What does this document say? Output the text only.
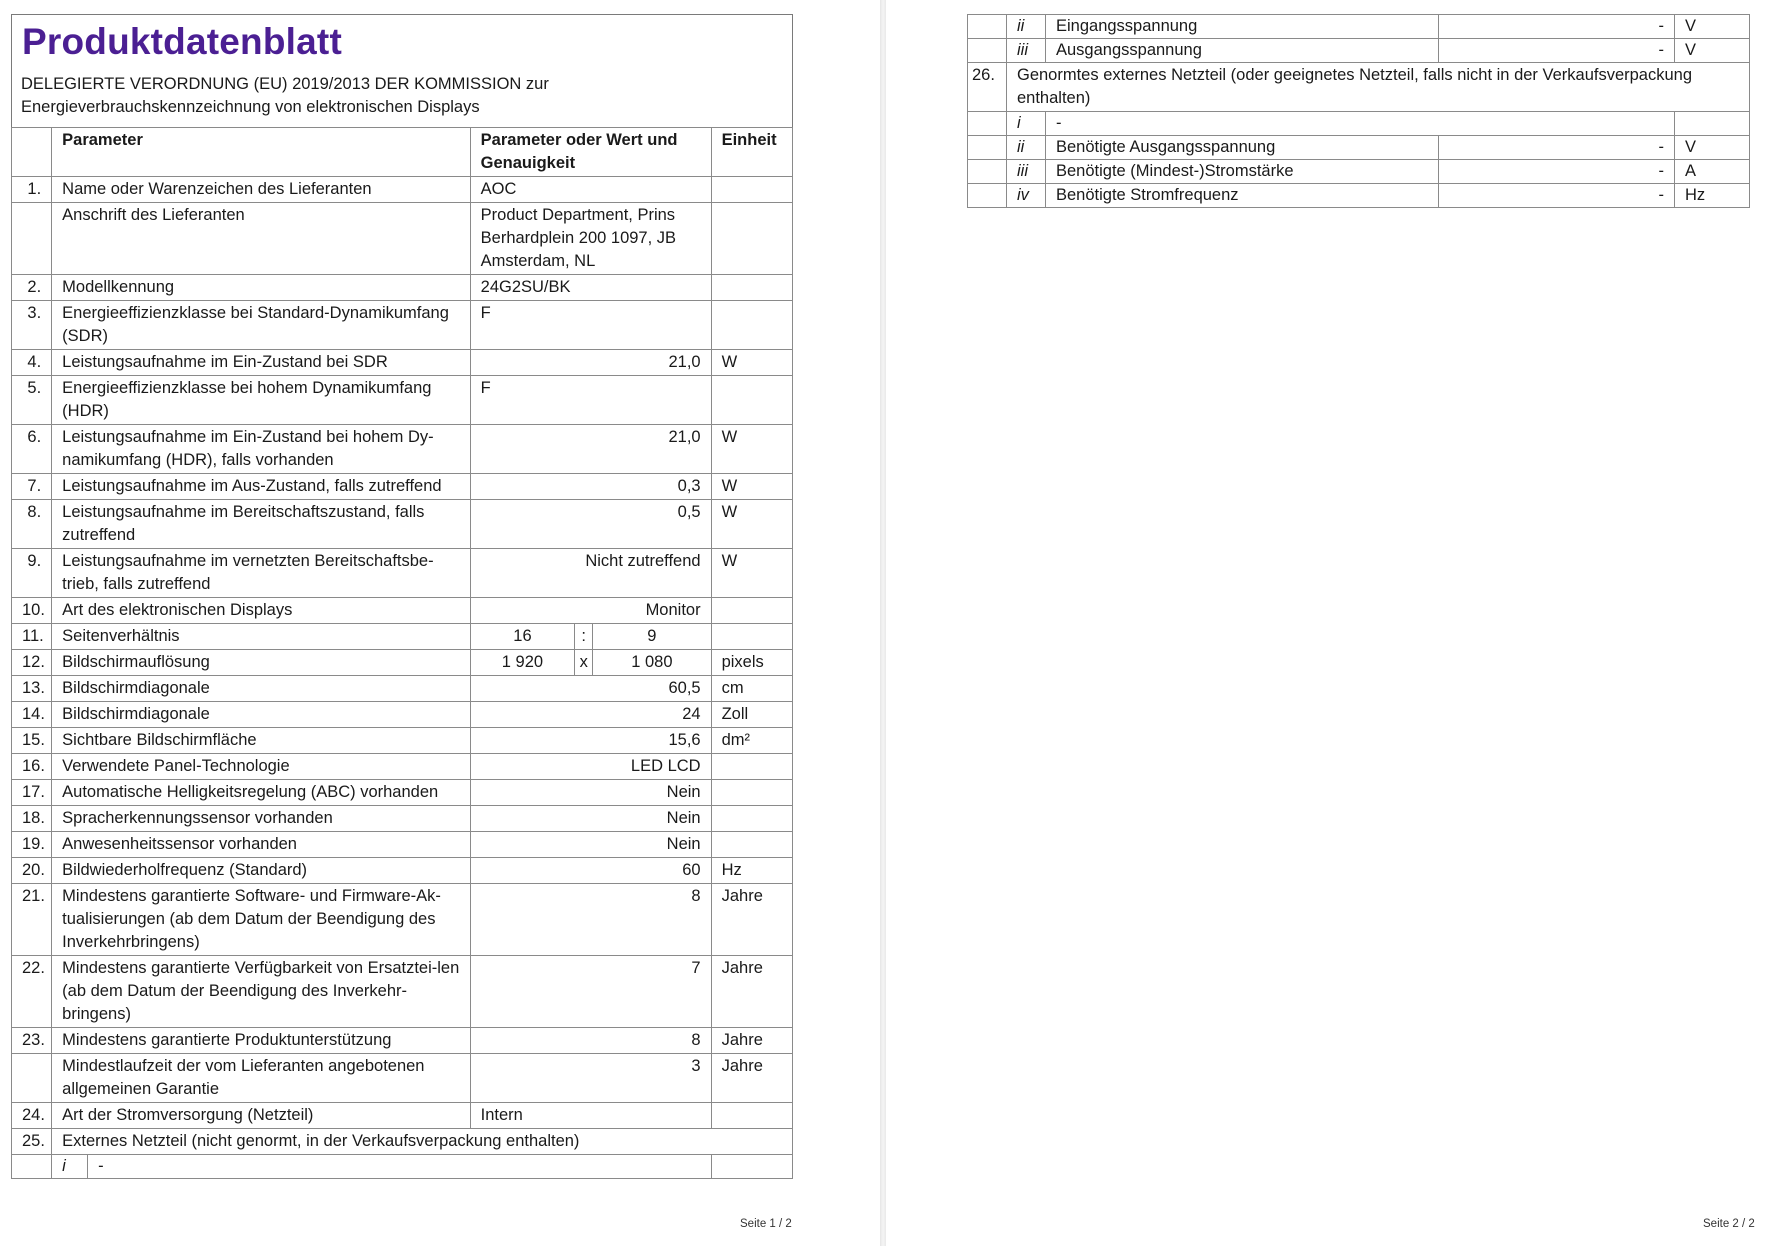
Produktdatenblatt
DELEGIERTE VERORDNUNG (EU) 2019/2013 DER KOMMISSION zur Energieverbrauchskennzeichnung von elektronischen Displays
	Parameter		Parameter oder Wert und Genauigkeit			Einheit
1.	Name oder Warenzeichen des Lieferanten		AOC			
	Anschrift des Lieferanten		Product Department, Prins Berhardplein 200 1097, JB Amsterdam, NL			
2.	Modellkennung		24G2SU/BK			
3.	Energieeffizienzklasse bei Standard-Dynamikumfang (SDR)		F			
4.	Leistungsaufnahme im Ein-Zustand bei SDR		21,0			W
5.	Energieeffizienzklasse bei hohem Dynamikumfang (HDR)		F			
6.	Leistungsaufnahme im Ein-Zustand bei hohem Dy-namikumfang (HDR), falls vorhanden		21,0			W
7.	Leistungsaufnahme im Aus-Zustand, falls zutreffend		0,3			W
8.	Leistungsaufnahme im Bereitschaftszustand, falls zutreffend		0,5			W
9.	Leistungsaufnahme im vernetzten Bereitschaftsbe-trieb, falls zutreffend		Nicht zutreffend			W
10.	Art des elektronischen Displays		Monitor			
11.	Seitenverhältnis		16	:	9	
12.	Bildschirmauflösung		1 920	x	1 080	pixels
13.	Bildschirmdiagonale		60,5			cm
14.	Bildschirmdiagonale		24			Zoll
15.	Sichtbare Bildschirmfläche		15,6			dm²
16.	Verwendete Panel-Technologie		LED LCD			
17.	Automatische Helligkeitsregelung (ABC) vorhanden		Nein			
18.	Spracherkennungssensor vorhanden		Nein			
19.	Anwesenheitssensor vorhanden		Nein			
20.	Bildwiederholfrequenz (Standard)		60			Hz
21.	Mindestens garantierte Software- und Firmware-Ak-tualisierungen (ab dem Datum der Beendigung des Inverkehrbringens)		8			Jahre
22.	Mindestens garantierte Verfügbarkeit von Ersatztei-len (ab dem Datum der Beendigung des Inverkehr-bringens)		7			Jahre
23.	Mindestens garantierte Produktunterstützung		8			Jahre
	Mindestlaufzeit der vom Lieferanten angebotenen allgemeinen Garantie		3			Jahre
24.	Art der Stromversorgung (Netzteil)		Intern			
25.	Externes Netzteil (nicht genormt, in der Verkaufsverpackung enthalten)					
	i	-				
Seite 1 / 2
	ii	Eingangsspannung	-	V
	iii	Ausgangsspannung	-	V
26.	Genormtes externes Netzteil (oder geeignetes Netzteil, falls nicht in der Verkaufsverpackung enthalten)			
	i	-		
	ii	Benötigte Ausgangsspannung	-	V
	iii	Benötigte (Mindest-)Stromstärke	-	A
	iv	Benötigte Stromfrequenz	-	Hz
Seite 2 / 2
